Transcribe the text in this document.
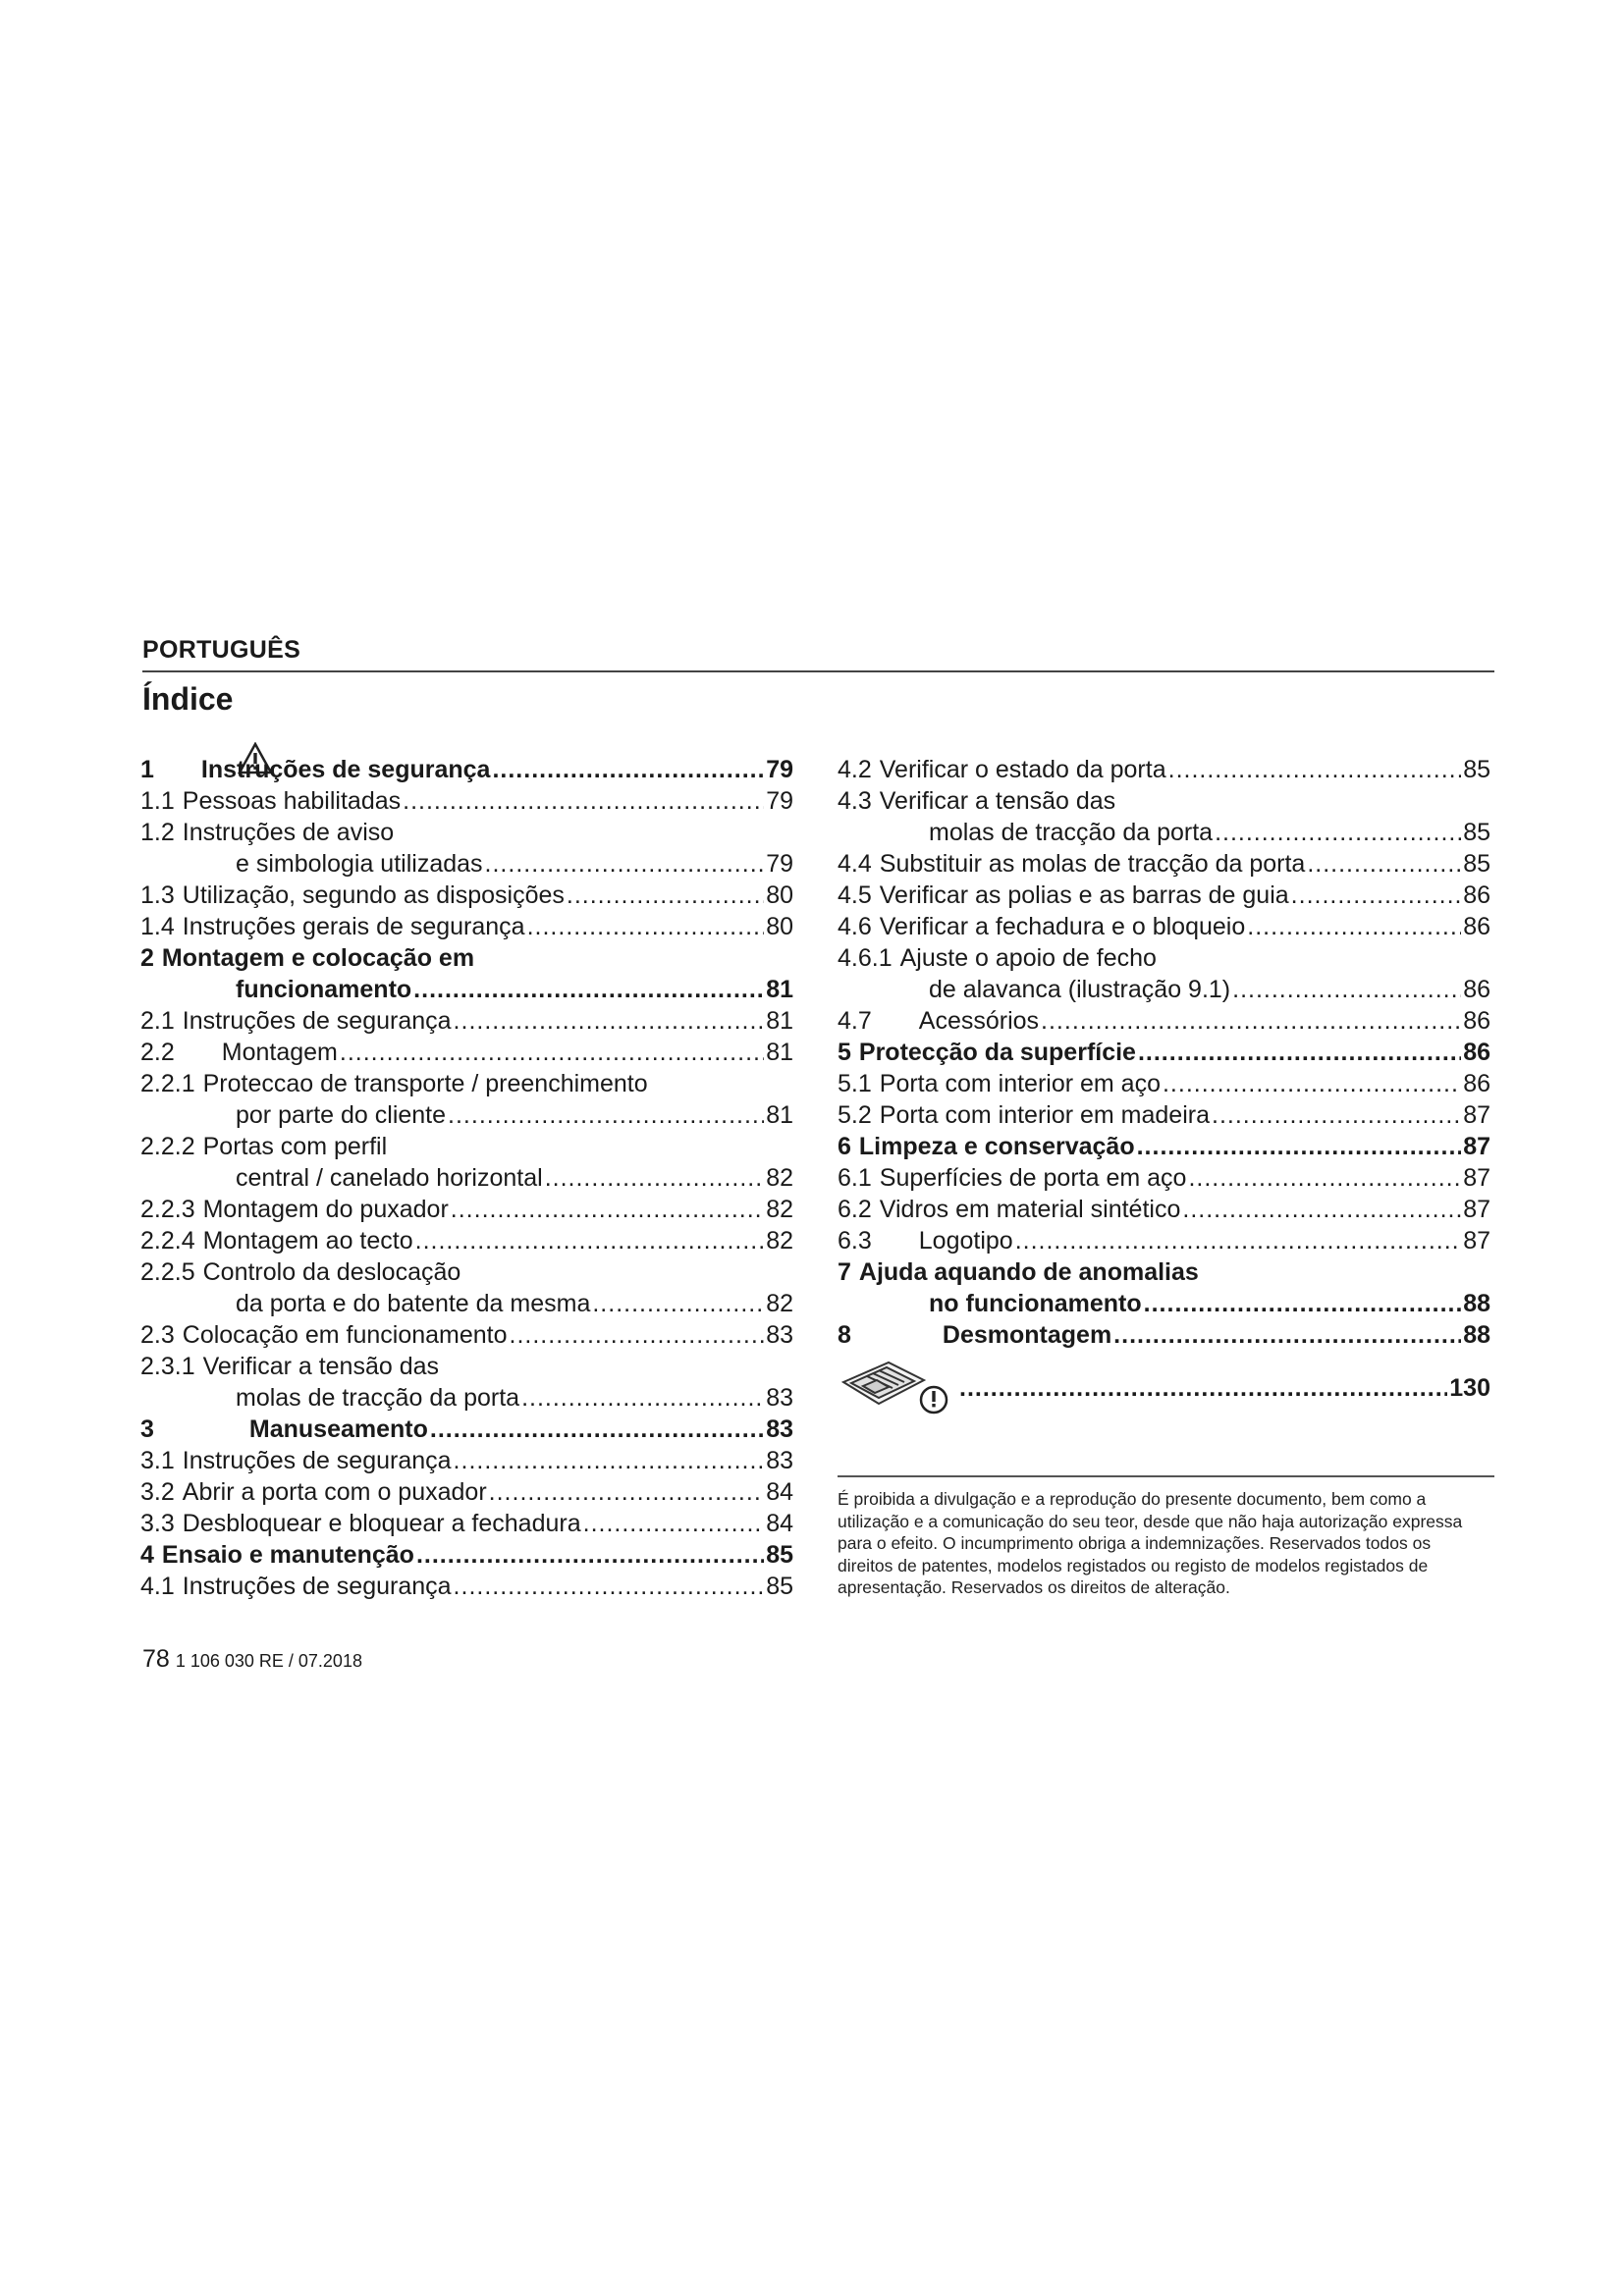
PORTUGUÊS
Índice
1 Instruções de segurança .....	79
1.1 Pessoas habilitadas .....	79
1.2 Instruções de aviso
e simbologia utilizadas .....	79
1.3 Utilização, segundo as disposições .....	80
1.4 Instruções gerais de segurança .....	80
2 Montagem e colocação em
funcionamento .....	81
2.1 Instruções de segurança .....	81
2.2 Montagem .....	81
2.2.1 Proteccao de transporte / preenchimento
por parte do cliente .....	81
2.2.2 Portas com perfil
central / canelado horizontal .....	82
2.2.3 Montagem do puxador .....	82
2.2.4 Montagem ao tecto .....	82
2.2.5 Controlo da deslocação
da porta e do batente da mesma .....	82
2.3 Colocação em funcionamento .....	83
2.3.1 Verificar a tensão das
molas de tracção da porta .....	83
3	Manuseamento .....	83
3.1 Instruções de segurança .....	83
3.2 Abrir a porta com o puxador .....	84
3.3 Desbloquear e bloquear a fechadura .....	84
4 Ensaio e manutenção .....	85
4.1 Instruções de segurança .....	85
4.2 Verificar o estado da porta .....	85
4.3 Verificar a tensão das
molas de tracção da porta .....	85
4.4 Substituir as molas de tracção da porta .....	85
4.5 Verificar as polias e as barras de guia .....	86
4.6 Verificar a fechadura e o bloqueio .....	86
4.6.1 Ajuste o apoio de fecho
de alavanca (ilustração 9.1) .....	86
4.7 Acessórios .....	86
5 Protecção da superfície .....	86
5.1 Porta com interior em aço .....	86
5.2 Porta com interior em madeira .....	87
6 Limpeza e conservação .....	87
6.1 Superfícies de porta em aço .....	87
6.2 Vidros em material sintético .....	87
6.3 Logotipo .....	87
7 Ajuda aquando de anomalias
no funcionamento .....	88
8	Desmontagem .....	88
.....
130
É proibida a divulgação e a reprodução do presente documento, bem como a utilização e a comunicação do seu teor, desde que não haja autorização expressa para o efeito. O incumprimento obriga a indemnizações. Reservados todos os direitos de patentes, modelos registados ou registo de modelos registados de apresentação. Reservados os direitos de alteração.
78 1 106 030 RE / 07.2018
